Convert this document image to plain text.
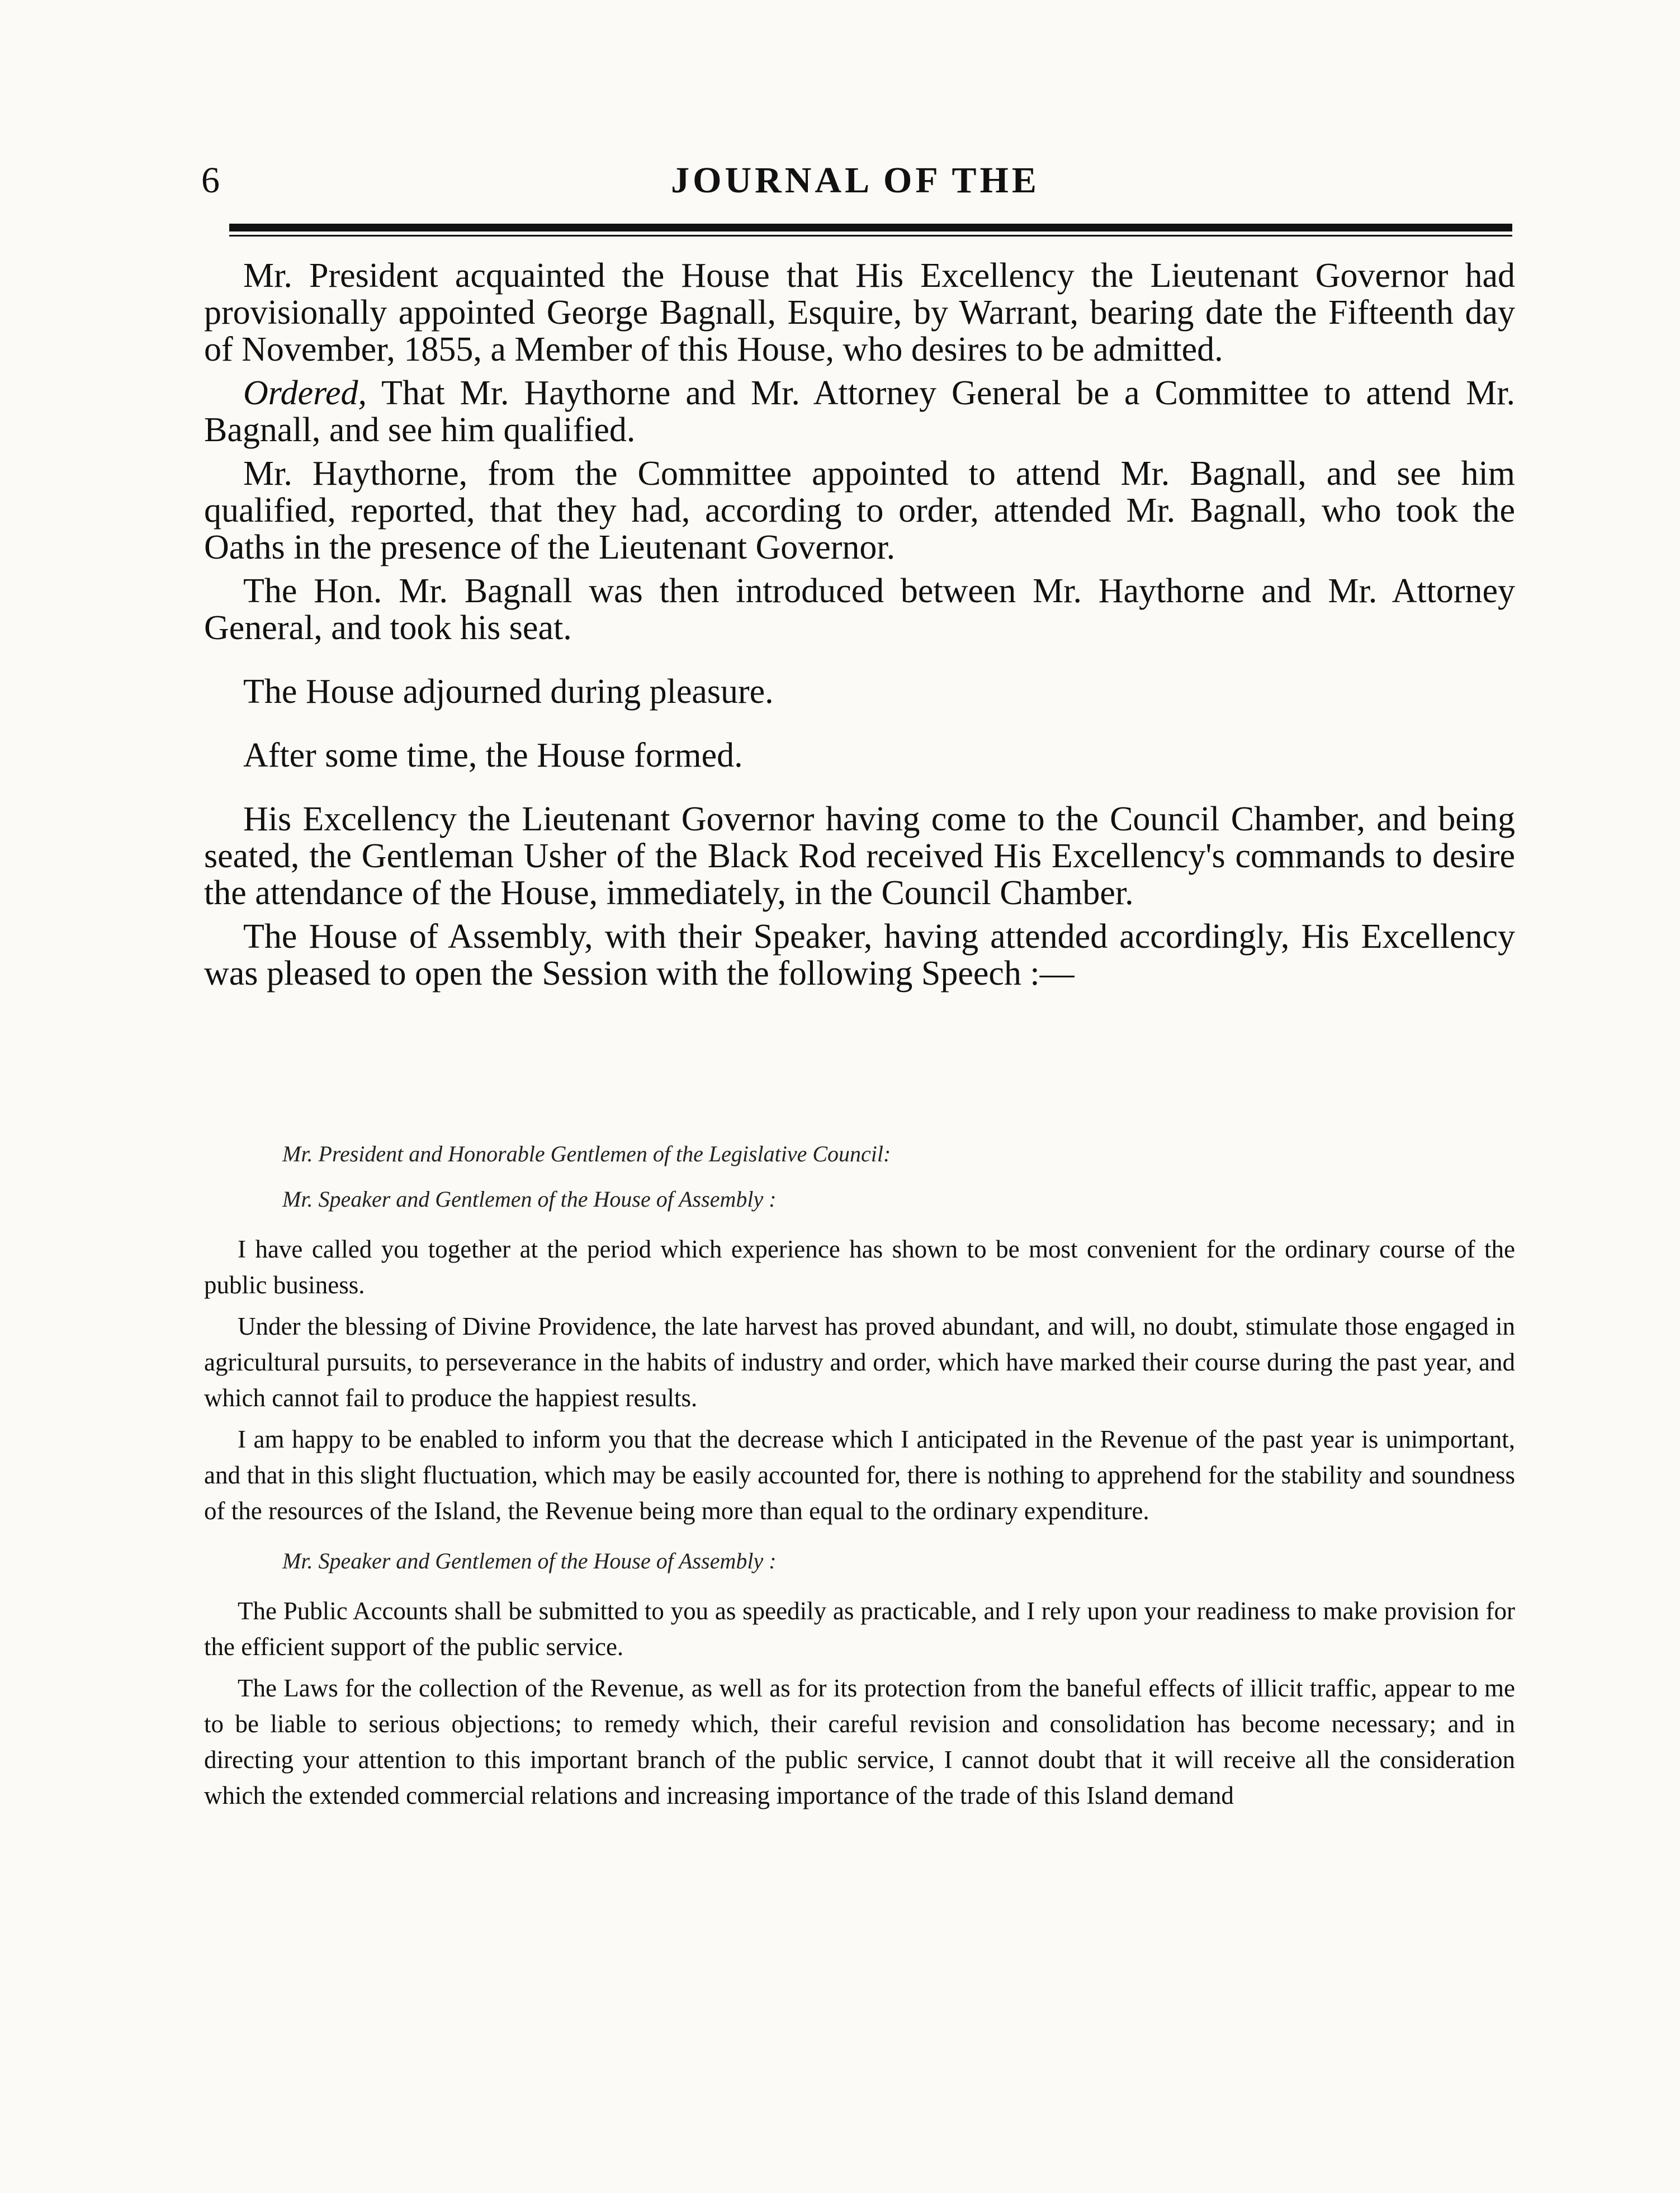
6	JOURNAL OF THE

Mr. President acquainted the House that His Excellency the Lieutenant Governor had provisionally appointed George Bagnall, Esquire, by Warrant, bearing date the Fifteenth day of November, 1855, a Member of this House, who desires to be admitted.

Ordered, That Mr. Haythorne and Mr. Attorney General be a Committee to attend Mr. Bagnall, and see him qualified.

Mr. Haythorne, from the Committee appointed to attend Mr. Bagnall, and see him qualified, reported, that they had, according to order, attended Mr. Bagnall, who took the Oaths in the presence of the Lieutenant Governor.

The Hon. Mr. Bagnall was then introduced between Mr. Haythorne and Mr. Attorney General, and took his seat.

The House adjourned during pleasure.

After some time, the House formed.

His Excellency the Lieutenant Governor having come to the Council Chamber, and being seated, the Gentleman Usher of the Black Rod received His Excellency's commands to desire the attendance of the House, immediately, in the Council Chamber.

The House of Assembly, with their Speaker, having attended accordingly, His Excellency was pleased to open the Session with the following Speech :—

Mr. President and Honorable Gentlemen of the Legislative Council:
Mr. Speaker and Gentlemen of the House of Assembly :

I have called you together at the period which experience has shown to be most convenient for the ordinary course of the public business.

Under the blessing of Divine Providence, the late harvest has proved abundant, and will, no doubt, stimulate those engaged in agricultural pursuits, to perseverance in the habits of industry and order, which have marked their course during the past year, and which cannot fail to produce the happiest results.

I am happy to be enabled to inform you that the decrease which I anticipated in the Revenue of the past year is unimportant, and that in this slight fluctuation, which may be easily accounted for, there is nothing to apprehend for the stability and soundness of the resources of the Island, the Revenue being more than equal to the ordinary expenditure.

Mr. Speaker and Gentlemen of the House of Assembly :

The Public Accounts shall be submitted to you as speedily as practicable, and I rely upon your readiness to make provision for the efficient support of the public service.

The Laws for the collection of the Revenue, as well as for its protection from the baneful effects of illicit traffic, appear to me to be liable to serious objections; to remedy which, their careful revision and consolidation has become necessary; and in directing your attention to this important branch of the public service, I cannot doubt that it will receive all the consideration which the extended commercial relations and increasing importance of the trade of this Island demand
